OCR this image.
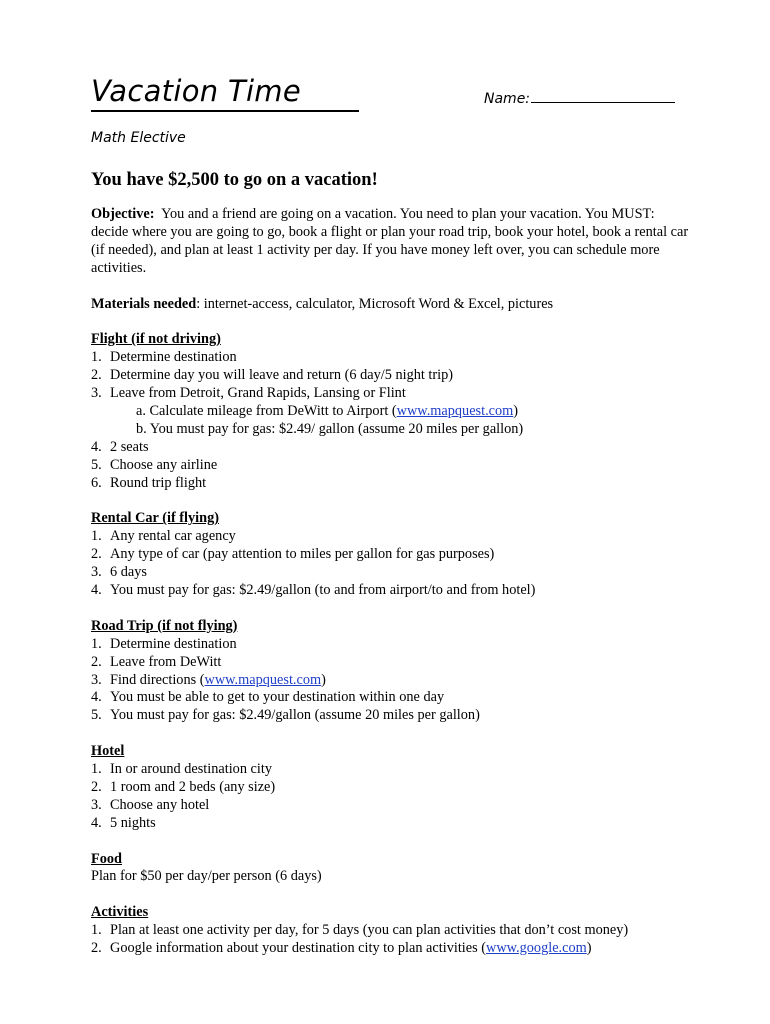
Vacation Time	Name:
Math Elective
You have $2,500 to go on a vacation!

Objective: You and a friend are going on a vacation. You need to plan your vacation. You MUST: decide where you are going to go, book a flight or plan your road trip, book your hotel, book a rental car (if needed), and plan at least 1 activity per day. If you have money left over, you can schedule more activities.

Materials needed: internet-access, calculator, Microsoft Word & Excel, pictures

Flight (if not driving)
1. Determine destination
2. Determine day you will leave and return (6 day/5 night trip)
3. Leave from Detroit, Grand Rapids, Lansing or Flint
a. Calculate mileage from DeWitt to Airport (www.mapquest.com)
b. You must pay for gas: $2.49/ gallon (assume 20 miles per gallon)
4. 2 seats
5. Choose any airline
6. Round trip flight
Rental Car (if flying)
1. Any rental car agency
2. Any type of car (pay attention to miles per gallon for gas purposes)
3. 6 days
4. You must pay for gas: $2.49/gallon (to and from airport/to and from hotel)
Road Trip (if not flying)
1. Determine destination
2. Leave from DeWitt
3. Find directions (www.mapquest.com)
4. You must be able to get to your destination within one day
5. You must pay for gas: $2.49/gallon (assume 20 miles per gallon)
Hotel
1. In or around destination city
2. 1 room and 2 beds (any size)
3. Choose any hotel
4. 5 nights
Food
Plan for $50 per day/per person (6 days)
Activities
1. Plan at least one activity per day, for 5 days (you can plan activities that don’t cost money)
2. Google information about your destination city to plan activities (www.google.com)
